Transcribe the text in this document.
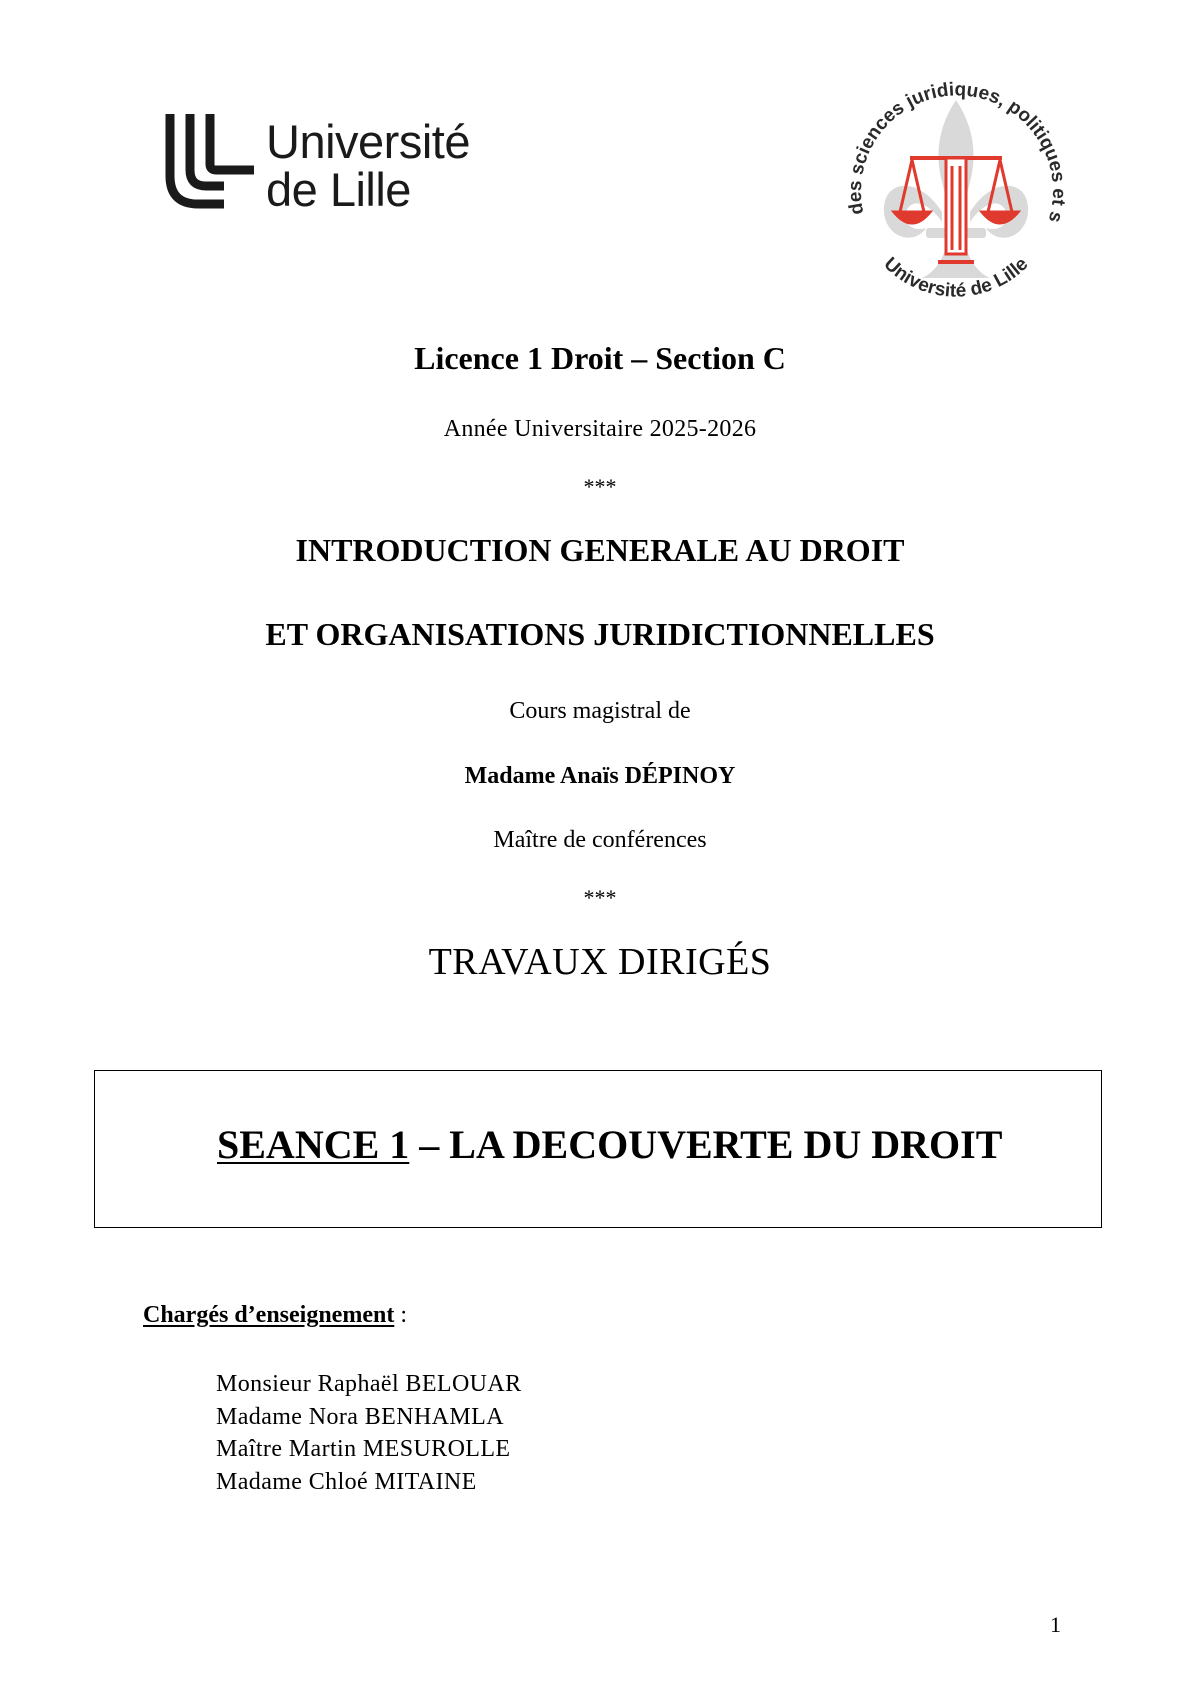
Université
de Lille	des sciences juridiques, politiques et s
Université de Lille
Licence 1 Droit – Section C
Année Universitaire 2025-2026
***
INTRODUCTION GENERALE AU DROIT
ET ORGANISATIONS JURIDICTIONNELLES
Cours magistral de
Madame Anaïs DÉPINOY
Maître de conférences
***
TRAVAUX DIRIGÉS
SEANCE 1 – LA DECOUVERTE DU DROIT
Chargés d’enseignement :
Monsieur Raphaël BELOUAR
Madame Nora BENHAMLA
Maître Martin MESUROLLE
Madame Chloé MITAINE
1
